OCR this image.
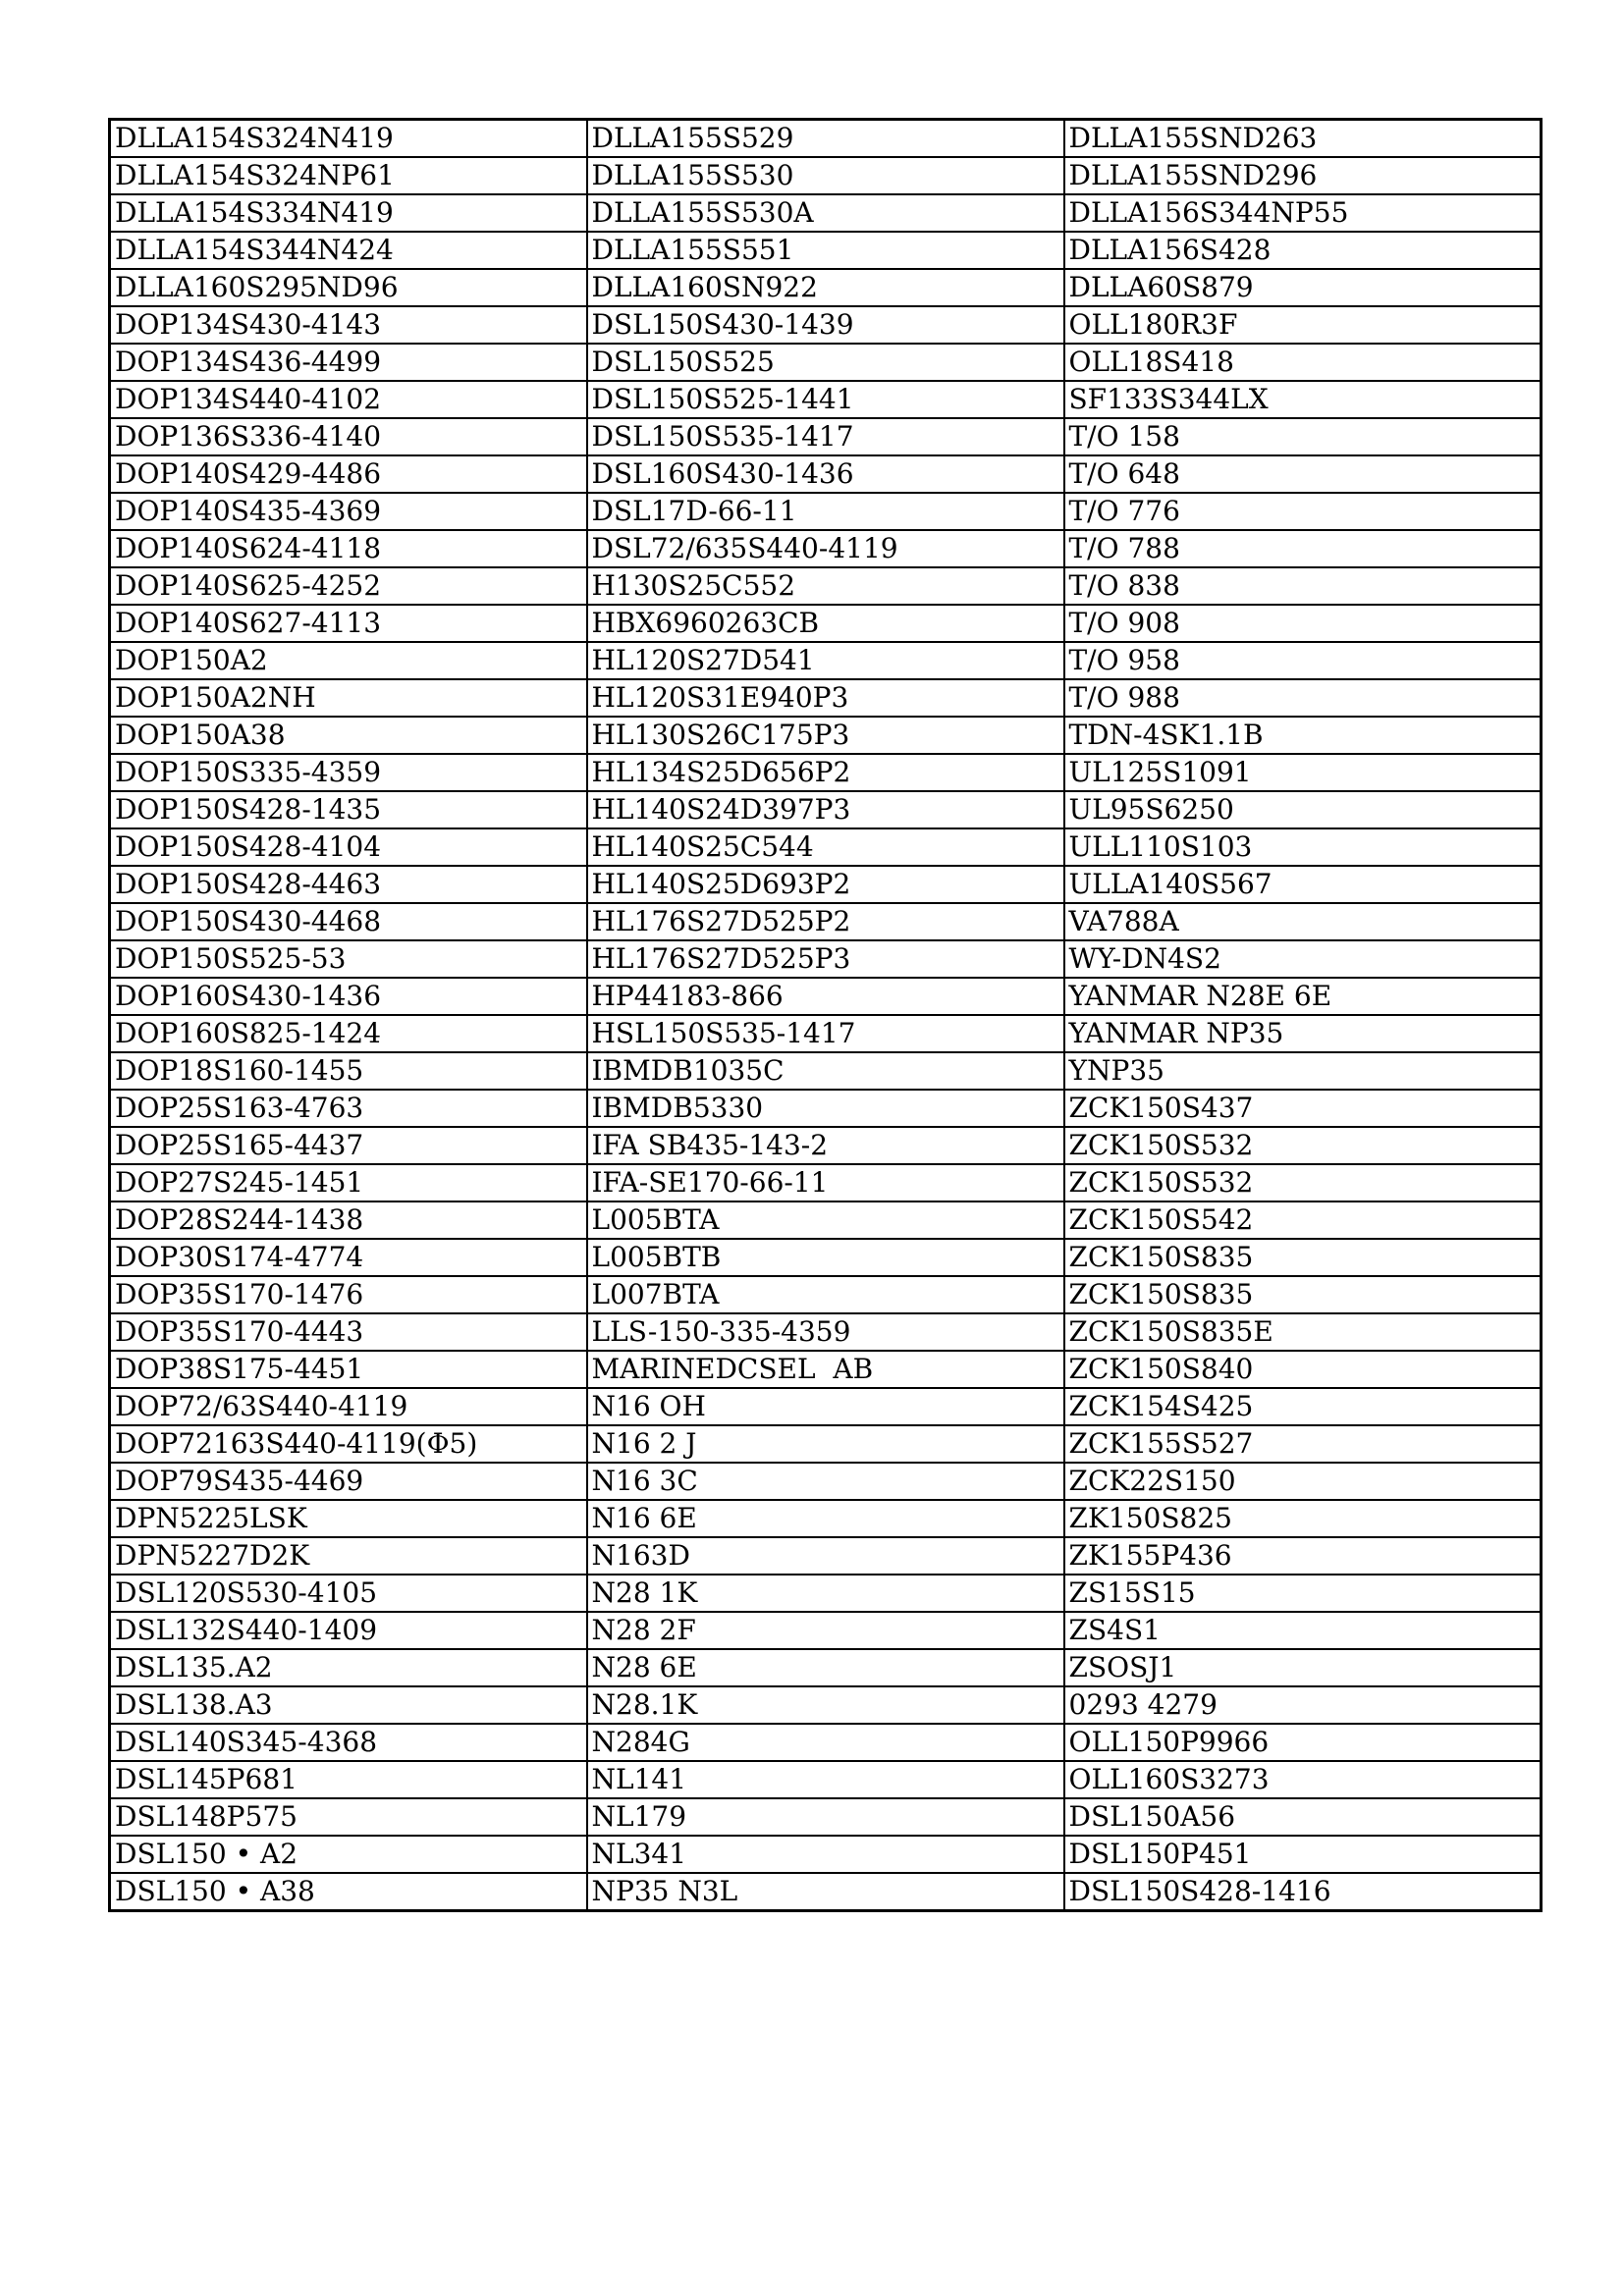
DLLA154S324N419	DLLA155S529	DLLA155SND263
DLLA154S324NP61	DLLA155S530	DLLA155SND296
DLLA154S334N419	DLLA155S530A	DLLA156S344NP55
DLLA154S344N424	DLLA155S551	DLLA156S428
DLLA160S295ND96	DLLA160SN922	DLLA60S879
DOP134S430-4143	DSL150S430-1439	OLL180R3F
DOP134S436-4499	DSL150S525	OLL18S418
DOP134S440-4102	DSL150S525-1441	SF133S344LX
DOP136S336-4140	DSL150S535-1417	T/O 158
DOP140S429-4486	DSL160S430-1436	T/O 648
DOP140S435-4369	DSL17D-66-11	T/O 776
DOP140S624-4118	DSL72/635S440-4119	T/O 788
DOP140S625-4252	H130S25C552	T/O 838
DOP140S627-4113	HBX6960263CB	T/O 908
DOP150A2	HL120S27D541	T/O 958
DOP150A2NH	HL120S31E940P3	T/O 988
DOP150A38	HL130S26C175P3	TDN-4SK1.1B
DOP150S335-4359	HL134S25D656P2	UL125S1091
DOP150S428-1435	HL140S24D397P3	UL95S6250
DOP150S428-4104	HL140S25C544	ULL110S103
DOP150S428-4463	HL140S25D693P2	ULLA140S567
DOP150S430-4468	HL176S27D525P2	VA788A
DOP150S525-53	HL176S27D525P3	WY-DN4S2
DOP160S430-1436	HP44183-866	YANMAR N28E 6E
DOP160S825-1424	HSL150S535-1417	YANMAR NP35
DOP18S160-1455	IBMDB1035C	YNP35
DOP25S163-4763	IBMDB5330	ZCK150S437
DOP25S165-4437	IFA SB435-143-2	ZCK150S532
DOP27S245-1451	IFA-SE170-66-11	ZCK150S532
DOP28S244-1438	L005BTA	ZCK150S542
DOP30S174-4774	L005BTB	ZCK150S835
DOP35S170-1476	L007BTA	ZCK150S835
DOP35S170-4443	LLS-150-335-4359	ZCK150S835E
DOP38S175-4451	MARINEDCSEL  AB	ZCK150S840
DOP72/63S440-4119	N16 OH	ZCK154S425
DOP72163S440-4119(Φ5)	N16 2 J	ZCK155S527
DOP79S435-4469	N16 3C	ZCK22S150
DPN5225LSK	N16 6E	ZK150S825
DPN5227D2K	N163D	ZK155P436
DSL120S530-4105	N28 1K	ZS15S15
DSL132S440-1409	N28 2F	ZS4S1
DSL135.A2	N28 6E	ZSOSJ1
DSL138.A3	N28.1K	0293 4279
DSL140S345-4368	N284G	OLL150P9966
DSL145P681	NL141	OLL160S3273
DSL148P575	NL179	DSL150A56
DSL150 • A2	NL341	DSL150P451
DSL150 • A38	NP35 N3L	DSL150S428-1416
